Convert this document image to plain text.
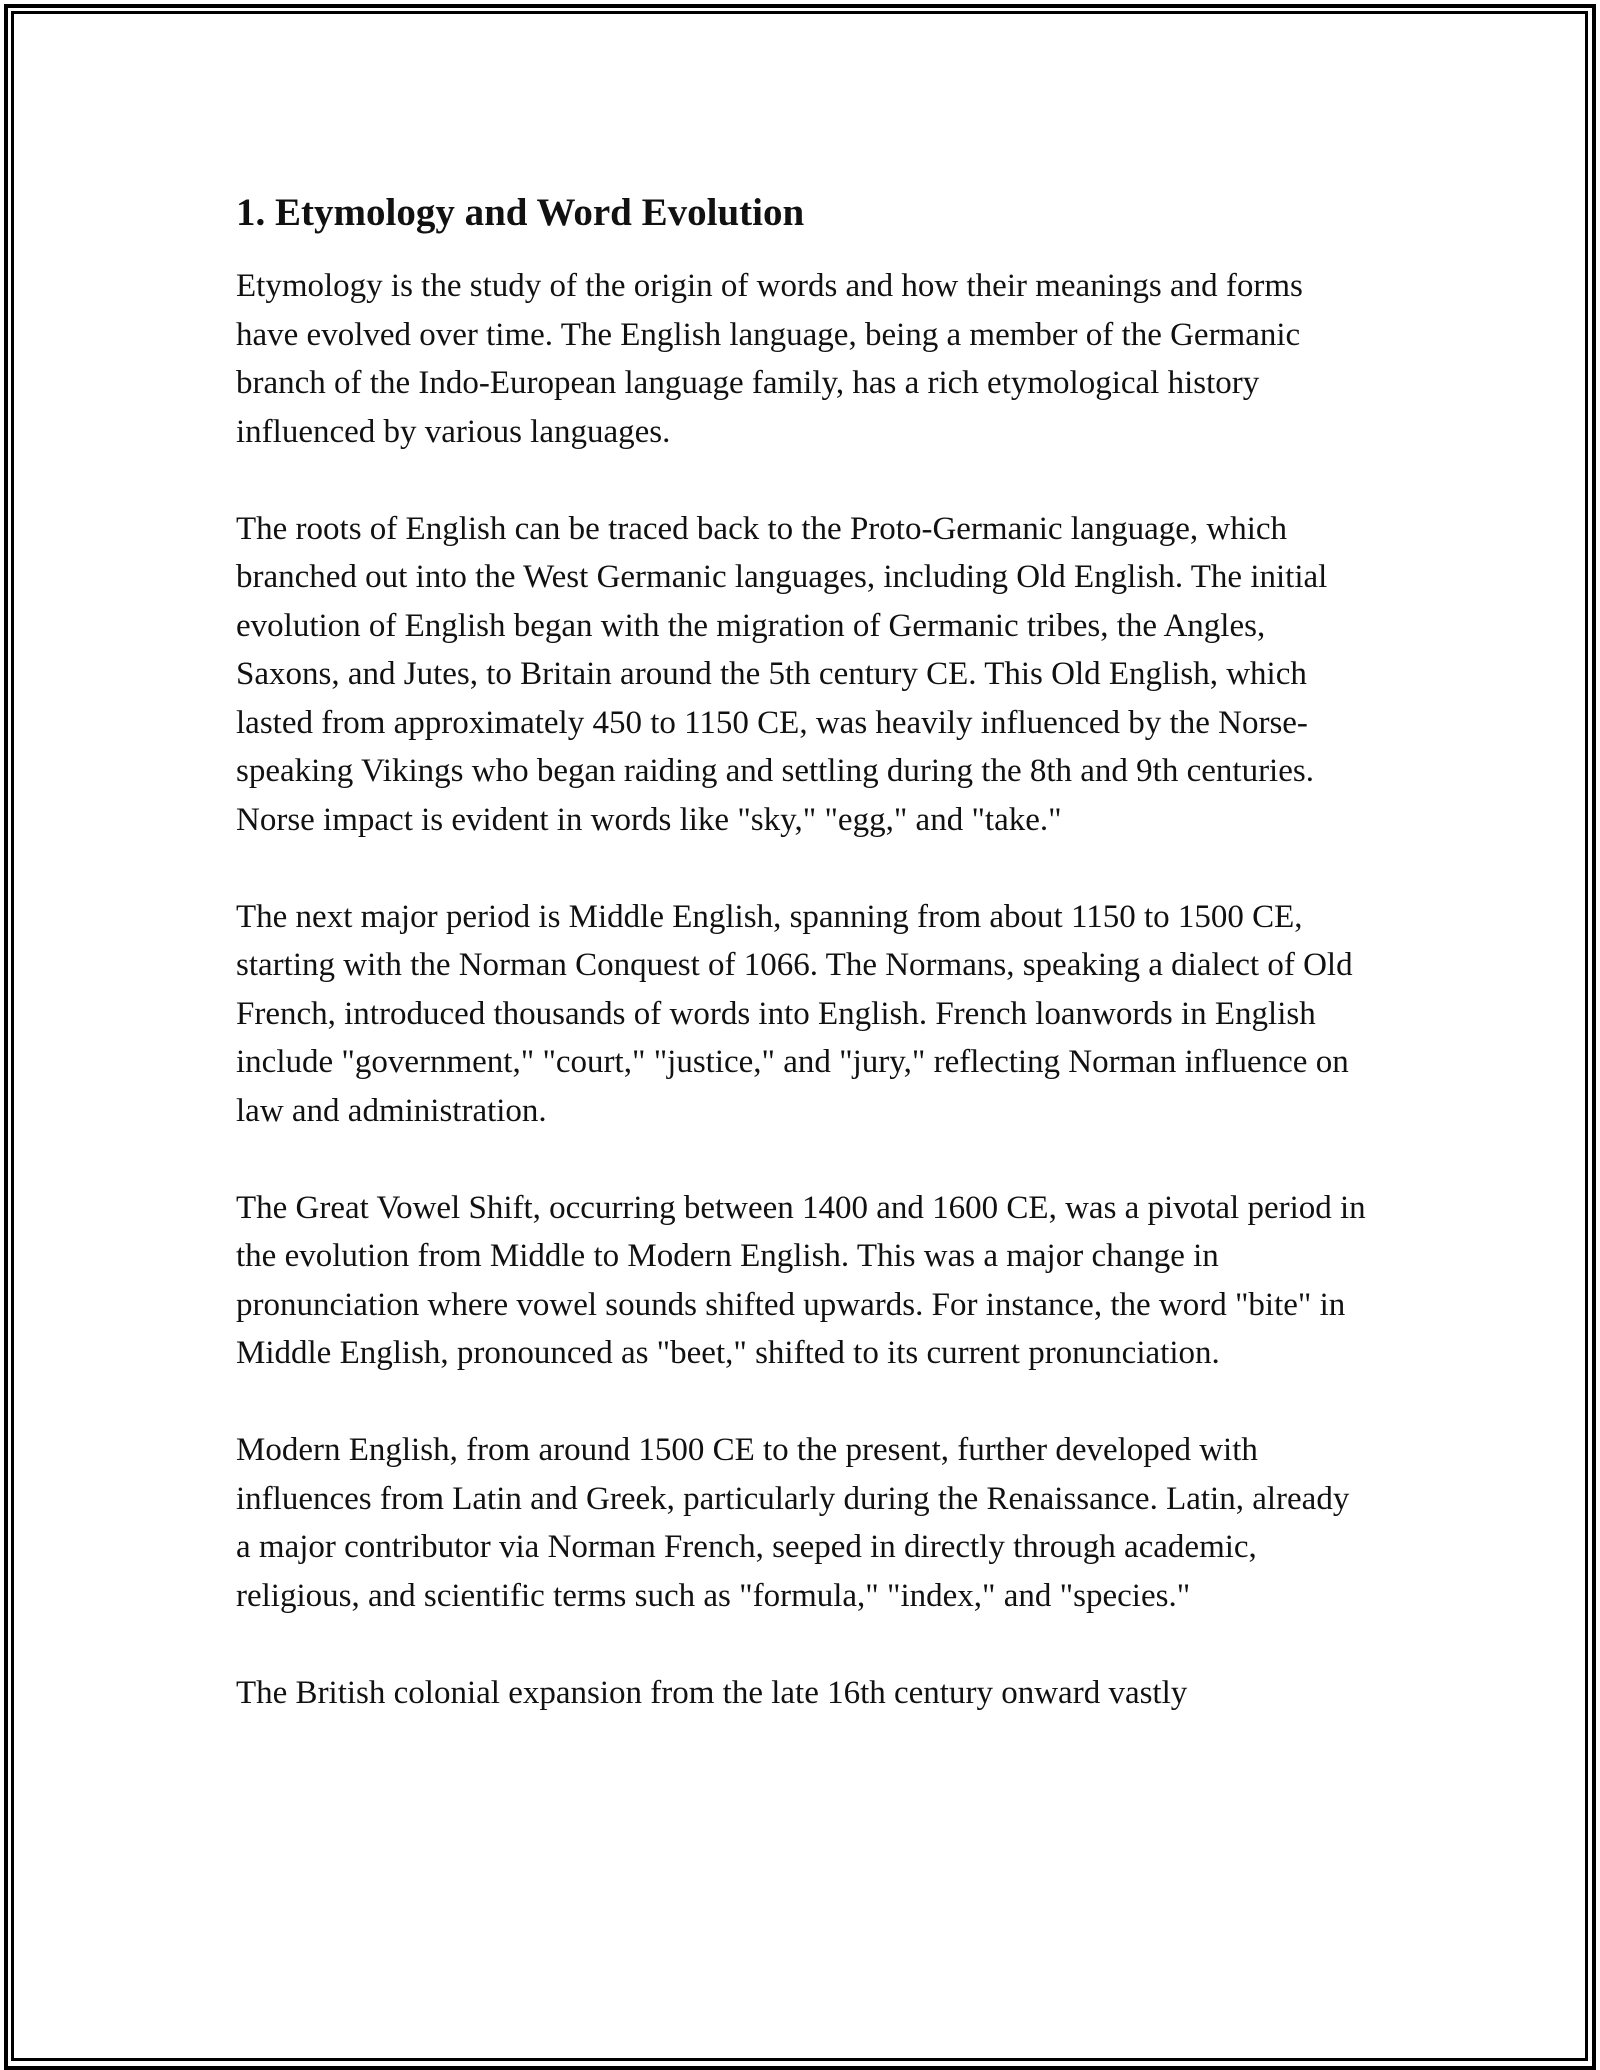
1. Etymology and Word Evolution

Etymology is the study of the origin of words and how their meanings and forms have evolved over time. The English language, being a member of the Germanic branch of the Indo-European language family, has a rich etymological history influenced by various languages.

The roots of English can be traced back to the Proto-Germanic language, which branched out into the West Germanic languages, including Old English. The initial evolution of English began with the migration of Germanic tribes, the Angles, Saxons, and Jutes, to Britain around the 5th century CE. This Old English, which lasted from approximately 450 to 1150 CE, was heavily influenced by the Norse-speaking Vikings who began raiding and settling during the 8th and 9th centuries. Norse impact is evident in words like "sky," "egg," and "take."

The next major period is Middle English, spanning from about 1150 to 1500 CE, starting with the Norman Conquest of 1066. The Normans, speaking a dialect of Old French, introduced thousands of words into English. French loanwords in English include "government," "court," "justice," and "jury," reflecting Norman influence on law and administration.

The Great Vowel Shift, occurring between 1400 and 1600 CE, was a pivotal period in the evolution from Middle to Modern English. This was a major change in pronunciation where vowel sounds shifted upwards. For instance, the word "bite" in Middle English, pronounced as "beet," shifted to its current pronunciation.

Modern English, from around 1500 CE to the present, further developed with influences from Latin and Greek, particularly during the Renaissance. Latin, already a major contributor via Norman French, seeped in directly through academic, religious, and scientific terms such as "formula," "index," and "species."

The British colonial expansion from the late 16th century onward vastly
